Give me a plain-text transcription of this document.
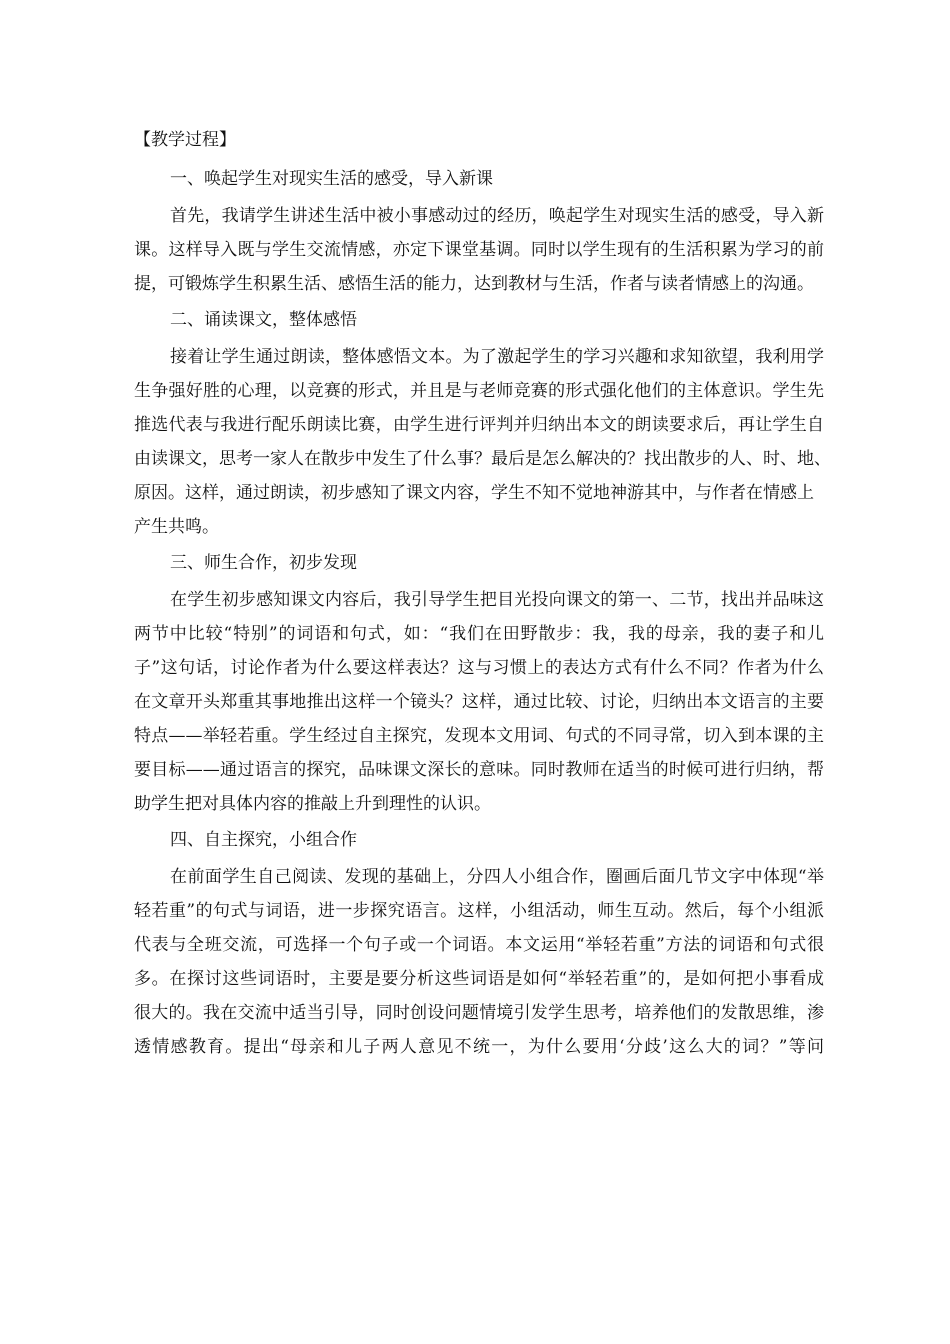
【教学过程】
一、唤起学生对现实生活的感受，导入新课
首先，我请学生讲述生活中被小事感动过的经历，唤起学生对现实生活的感受，导入新
课。这样导入既与学生交流情感，亦定下课堂基调。同时以学生现有的生活积累为学习的前
提，可锻炼学生积累生活、感悟生活的能力，达到教材与生活，作者与读者情感上的沟通。
二、诵读课文，整体感悟
接着让学生通过朗读，整体感悟文本。为了激起学生的学习兴趣和求知欲望，我利用学
生争强好胜的心理，以竞赛的形式，并且是与老师竞赛的形式强化他们的主体意识。学生先
推选代表与我进行配乐朗读比赛，由学生进行评判并归纳出本文的朗读要求后，再让学生自
由读课文，思考一家人在散步中发生了什么事？最后是怎么解决的？找出散步的人、时、地、
原因。这样，通过朗读，初步感知了课文内容，学生不知不觉地神游其中，与作者在情感上
产生共鸣。
三、师生合作，初步发现
在学生初步感知课文内容后，我引导学生把目光投向课文的第一、二节，找出并品味这
两节中比较“特别”的词语和句式，如：“我们在田野散步：我，我的母亲，我的妻子和儿
子”这句话，讨论作者为什么要这样表达？这与习惯上的表达方式有什么不同？作者为什么
在文章开头郑重其事地推出这样一个镜头？这样，通过比较、讨论，归纳出本文语言的主要
特点——举轻若重。学生经过自主探究，发现本文用词、句式的不同寻常，切入到本课的主
要目标——通过语言的探究，品味课文深长的意味。同时教师在适当的时候可进行归纳，帮
助学生把对具体内容的推敲上升到理性的认识。
四、自主探究，小组合作
在前面学生自己阅读、发现的基础上，分四人小组合作，圈画后面几节文字中体现“举
轻若重”的句式与词语，进一步探究语言。这样，小组活动，师生互动。然后，每个小组派
代表与全班交流，可选择一个句子或一个词语。本文运用“举轻若重”方法的词语和句式很
多。在探讨这些词语时，主要是要分析这些词语是如何“举轻若重”的，是如何把小事看成
很大的。我在交流中适当引导，同时创设问题情境引发学生思考，培养他们的发散思维，渗
透情感教育。提出“母亲和儿子两人意见不统一，为什么要用‘分歧’这么大的词？”等问
